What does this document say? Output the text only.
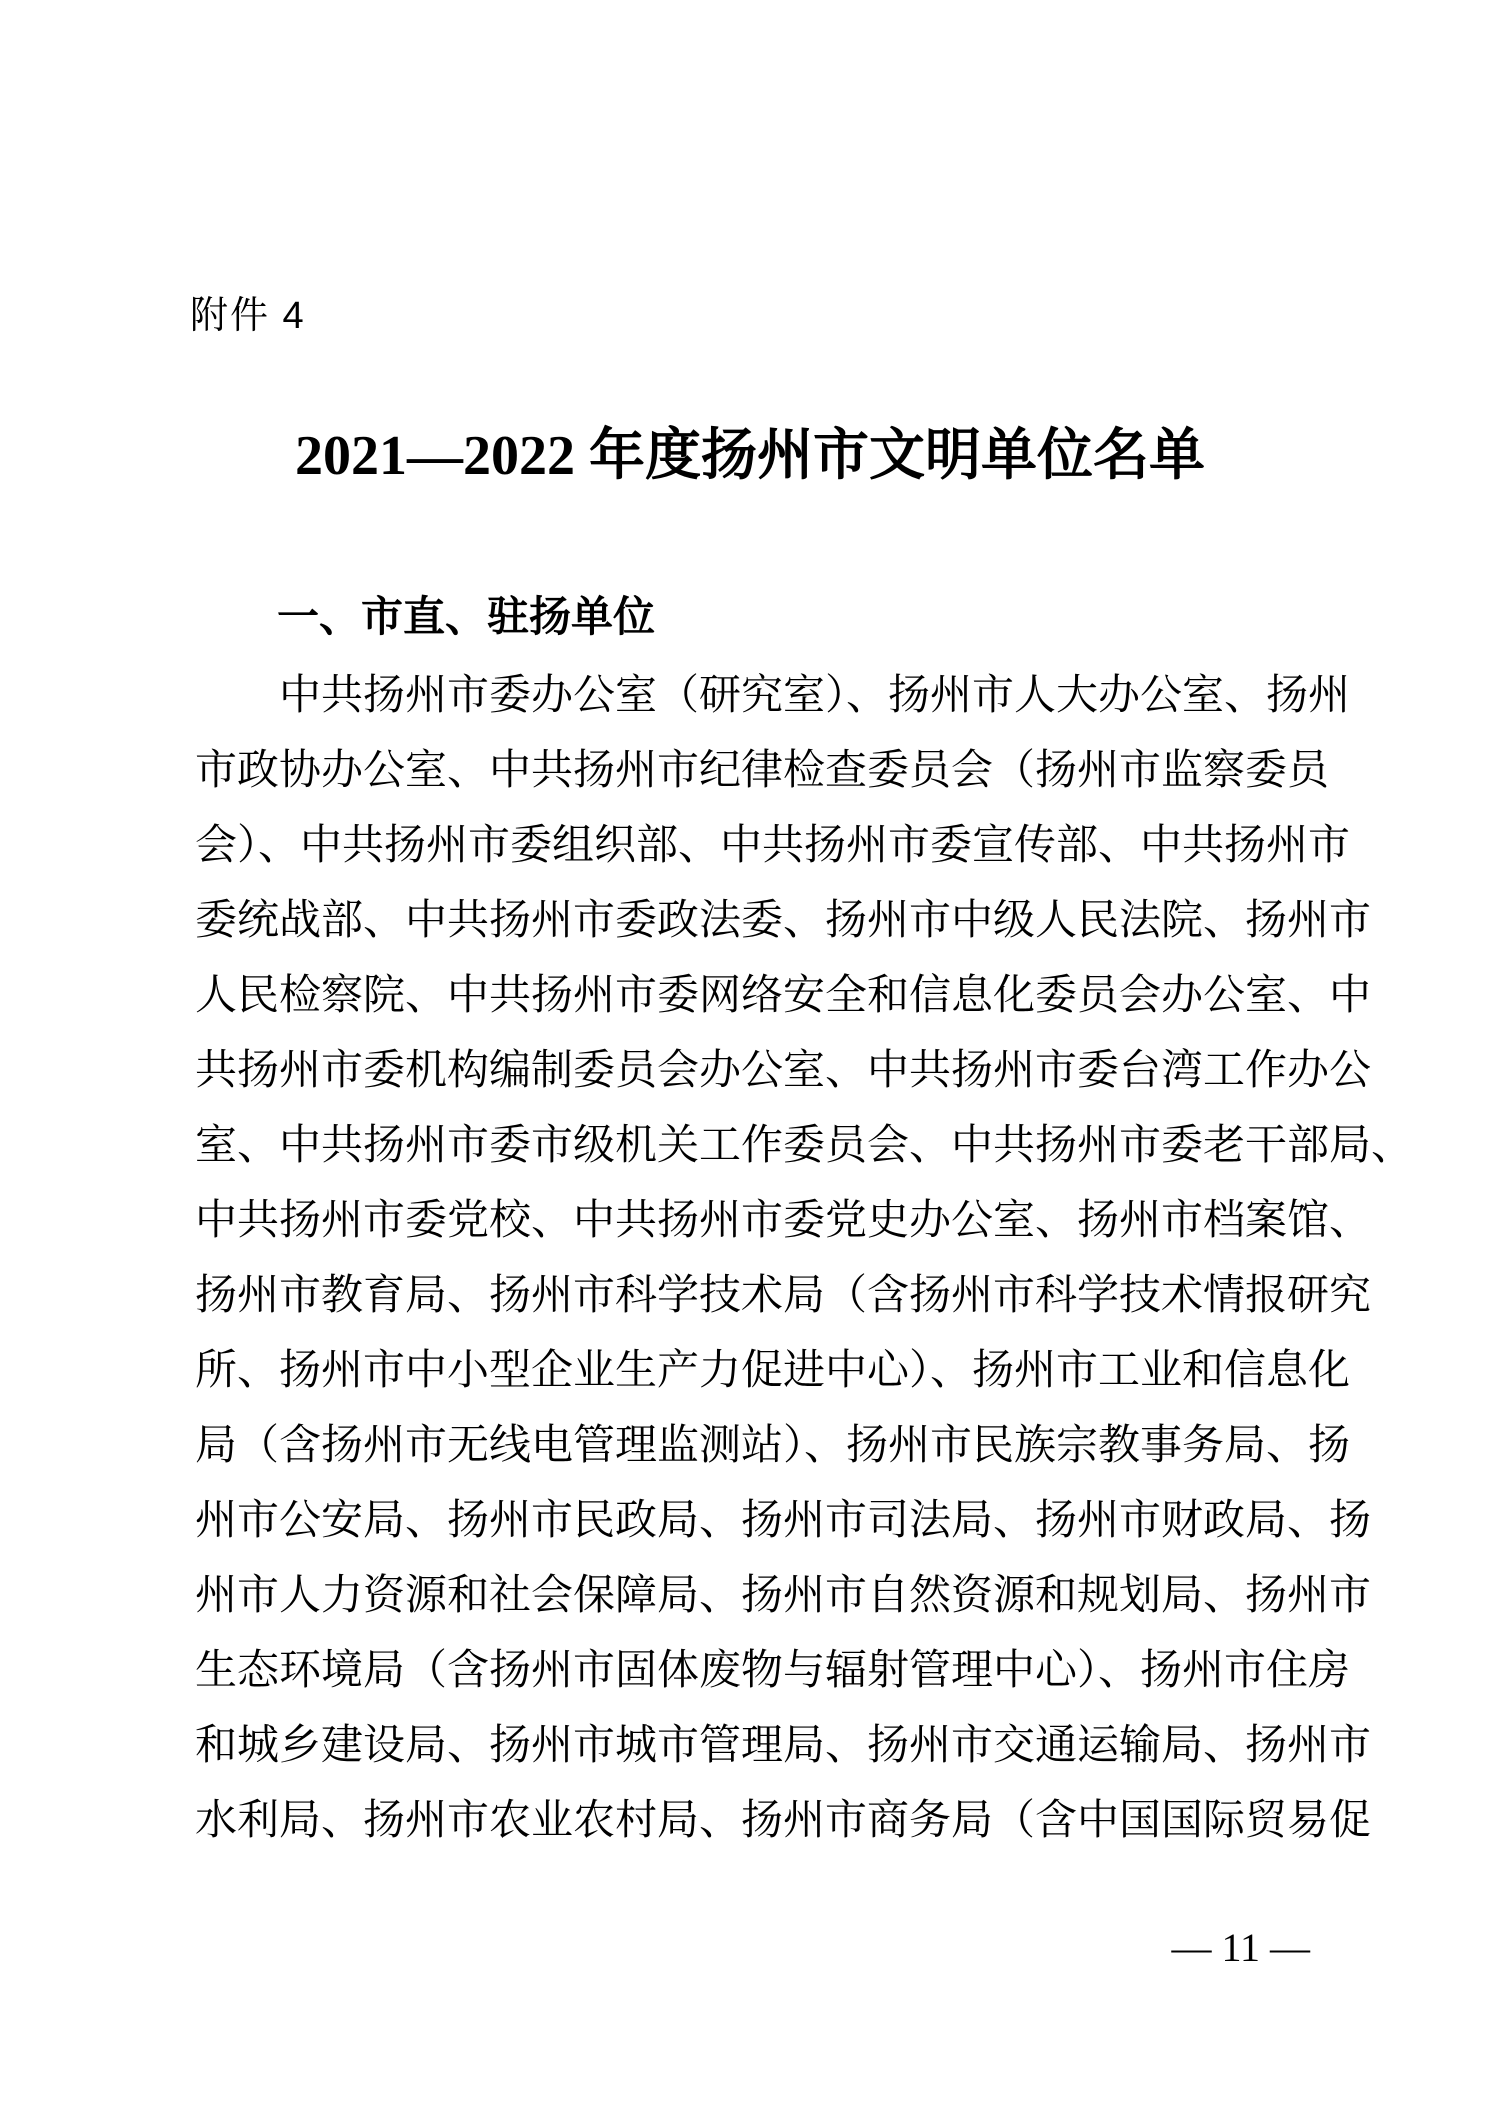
附件 4
2021—2022 年度扬州市文明单位名单
一、市直、驻扬单位
中共扬州市委办公室（研究室）、扬州市人大办公室、扬州
市政协办公室、中共扬州市纪律检查委员会（扬州市监察委员
会）、中共扬州市委组织部、中共扬州市委宣传部、中共扬州市
委统战部、中共扬州市委政法委、扬州市中级人民法院、扬州市
人民检察院、中共扬州市委网络安全和信息化委员会办公室、中
共扬州市委机构编制委员会办公室、中共扬州市委台湾工作办公
室、中共扬州市委市级机关工作委员会、中共扬州市委老干部局、
中共扬州市委党校、中共扬州市委党史办公室、扬州市档案馆、
扬州市教育局、扬州市科学技术局（含扬州市科学技术情报研究
所、扬州市中小型企业生产力促进中心）、扬州市工业和信息化
局（含扬州市无线电管理监测站）、扬州市民族宗教事务局、扬
州市公安局、扬州市民政局、扬州市司法局、扬州市财政局、扬
州市人力资源和社会保障局、扬州市自然资源和规划局、扬州市
生态环境局（含扬州市固体废物与辐射管理中心）、扬州市住房
和城乡建设局、扬州市城市管理局、扬州市交通运输局、扬州市
水利局、扬州市农业农村局、扬州市商务局（含中国国际贸易促
— 11 —
